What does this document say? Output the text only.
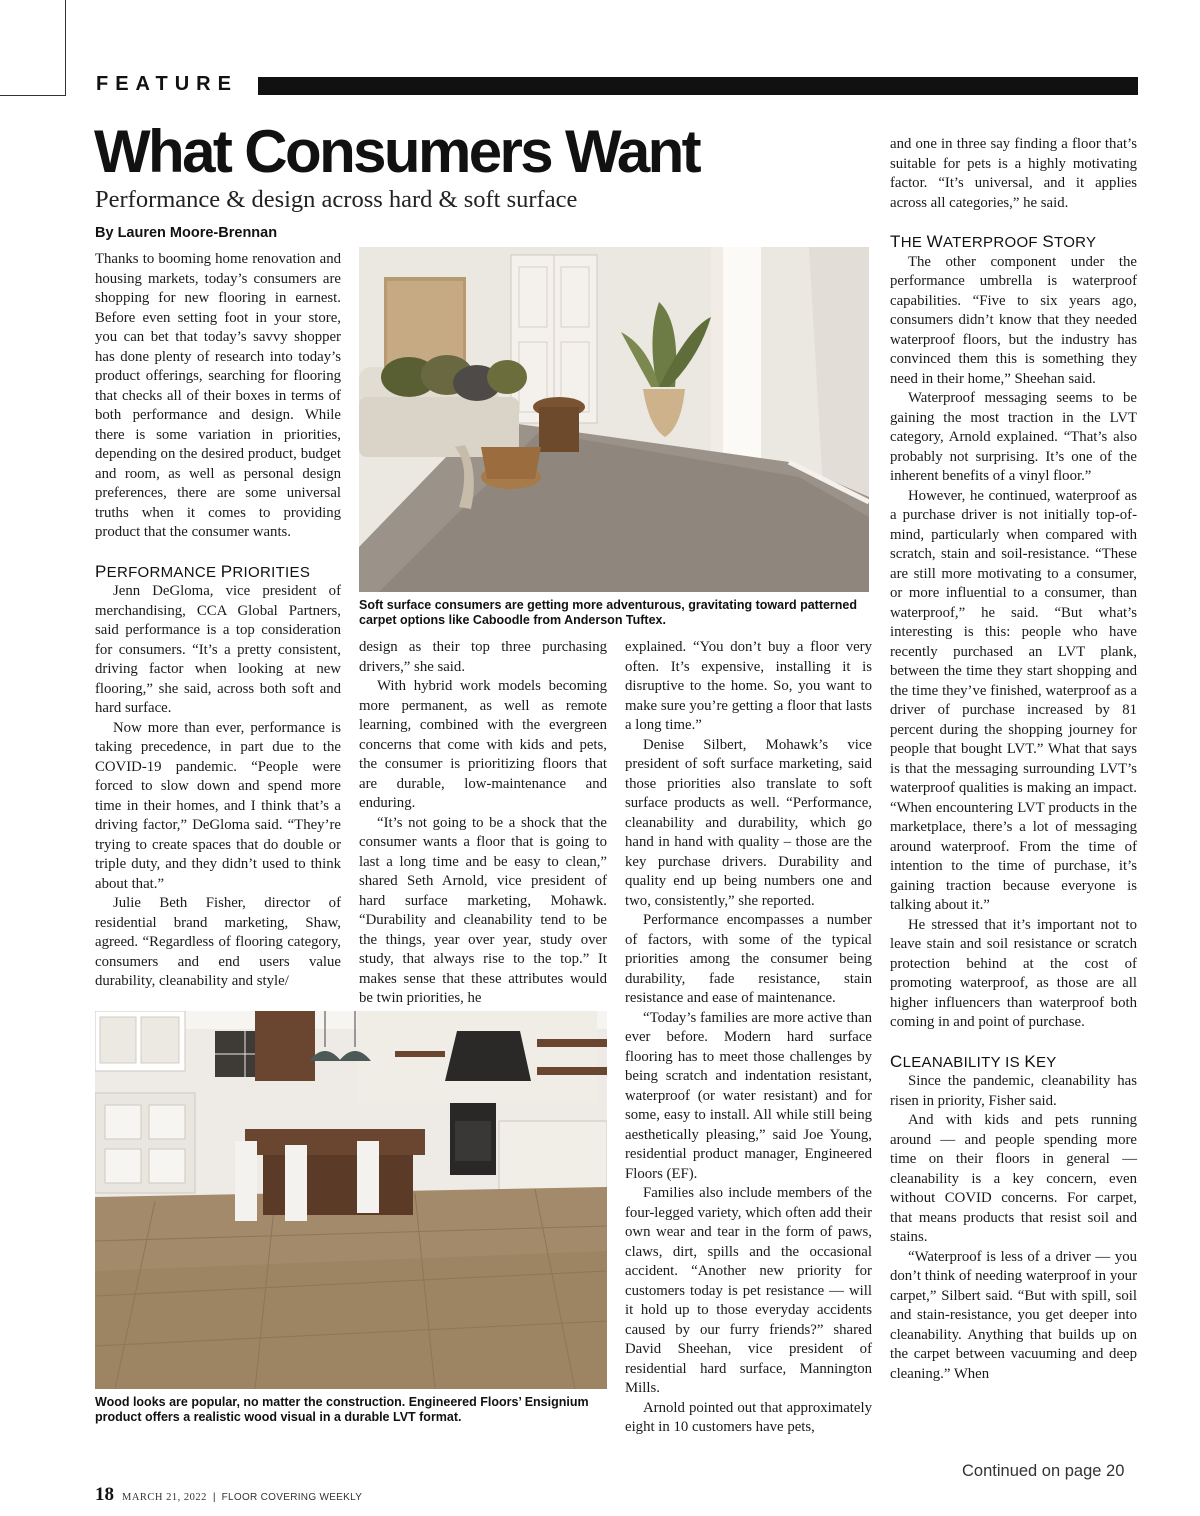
FEATURE
What Consumers Want
Performance & design across hard & soft surface
By Lauren Moore-Brennan

Thanks to booming home renovation and housing markets, today’s consumers are shopping for new flooring in earnest. Before even setting foot in your store, you can bet that today’s savvy shopper has done plenty of research into today’s product offerings, searching for flooring that checks all of their boxes in terms of both performance and design. While there is some variation in priorities, depending on the desired product, budget and room, as well as personal design preferences, there are some universal truths when it comes to providing product that the consumer wants.

PERFORMANCE PRIORITIES

Jenn DeGloma, vice president of merchandising, CCA Global Partners, said performance is a top consideration for consumers. “It’s a pretty consistent, driving factor when looking at new flooring,” she said, across both soft and hard surface.

Now more than ever, performance is taking precedence, in part due to the COVID-19 pandemic. “People were forced to slow down and spend more time in their homes, and I think that’s a driving factor,” DeGloma said. “They’re trying to create spaces that do double or triple duty, and they didn’t used to think about that.”

Julie Beth Fisher, director of residential brand marketing, Shaw, agreed. “Regardless of flooring category, consumers and end users value durability, cleanability and style/

Soft surface consumers are getting more adventurous, gravitating toward patterned carpet options like Caboodle from Anderson Tuftex.

design as their top three purchasing drivers,” she said.

With hybrid work models becoming more permanent, as well as remote learning, combined with the evergreen concerns that come with kids and pets, the consumer is prioritizing floors that are durable, low-maintenance and enduring.

“It’s not going to be a shock that the consumer wants a floor that is going to last a long time and be easy to clean,” shared Seth Arnold, vice president of hard surface marketing, Mohawk. “Durability and cleanability tend to be the things, year over year, study over study, that always rise to the top.” It makes sense that these attributes would be twin priorities, he

Wood looks are popular, no matter the construction. Engineered Floors’ Ensignium product offers a realistic wood visual in a durable LVT format.

explained. “You don’t buy a floor very often. It’s expensive, installing it is disruptive to the home. So, you want to make sure you’re getting a floor that lasts a long time.”

Denise Silbert, Mohawk’s vice president of soft surface marketing, said those priorities also translate to soft surface products as well. “Performance, cleanability and durability, which go hand in hand with quality – those are the key purchase drivers. Durability and quality end up being numbers one and two, consistently,” she reported.

Performance encompasses a number of factors, with some of the typical priorities among the consumer being durability, fade resistance, stain resistance and ease of maintenance.

“Today’s families are more active than ever before. Modern hard surface flooring has to meet those challenges by being scratch and indentation resistant, waterproof (or water resistant) and for some, easy to install. All while still being aesthetically pleasing,” said Joe Young, residential product manager, Engineered Floors (EF).

Families also include members of the four-legged variety, which often add their own wear and tear in the form of paws, claws, dirt, spills and the occasional accident. “Another new priority for customers today is pet resistance — will it hold up to those everyday accidents caused by our furry friends?” shared David Sheehan, vice president of residential hard surface, Mannington Mills.

Arnold pointed out that approximately eight in 10 customers have pets,

and one in three say finding a floor that’s suitable for pets is a highly motivating factor. “It’s universal, and it applies across all categories,” he said.

THE WATERPROOF STORY

The other component under the performance umbrella is waterproof capabilities. “Five to six years ago, consumers didn’t know that they needed waterproof floors, but the industry has convinced them this is something they need in their home,” Sheehan said.

Waterproof messaging seems to be gaining the most traction in the LVT category, Arnold explained. “That’s also probably not surprising. It’s one of the inherent benefits of a vinyl floor.”

However, he continued, waterproof as a purchase driver is not initially top-of-mind, particularly when compared with scratch, stain and soil-resistance. “These are still more motivating to a consumer, or more influential to a consumer, than waterproof,” he said. “But what’s interesting is this: people who have recently purchased an LVT plank, between the time they start shopping and the time they’ve finished, waterproof as a driver of purchase increased by 81 percent during the shopping journey for people that bought LVT.” What that says is that the messaging surrounding LVT’s waterproof qualities is making an impact. “When encountering LVT products in the marketplace, there’s a lot of messaging around waterproof. From the time of intention to the time of purchase, it’s gaining traction because everyone is talking about it.”

He stressed that it’s important not to leave stain and soil resistance or scratch protection behind at the cost of promoting waterproof, as those are all higher influencers than waterproof both coming in and point of purchase.

CLEANABILITY IS KEY

Since the pandemic, cleanability has risen in priority, Fisher said.

And with kids and pets running around — and people spending more time on their floors in general — cleanability is a key concern, even without COVID concerns. For carpet, that means products that resist soil and stains.

“Waterproof is less of a driver — you don’t think of needing waterproof in your carpet,” Silbert said. “But with spill, soil and stain-resistance, you get deeper into cleanability. Anything that builds up on the carpet between vacuuming and deep cleaning.” When

Continued on page 20
18 MARCH 21, 2022 | FLOOR COVERING WEEKLY
